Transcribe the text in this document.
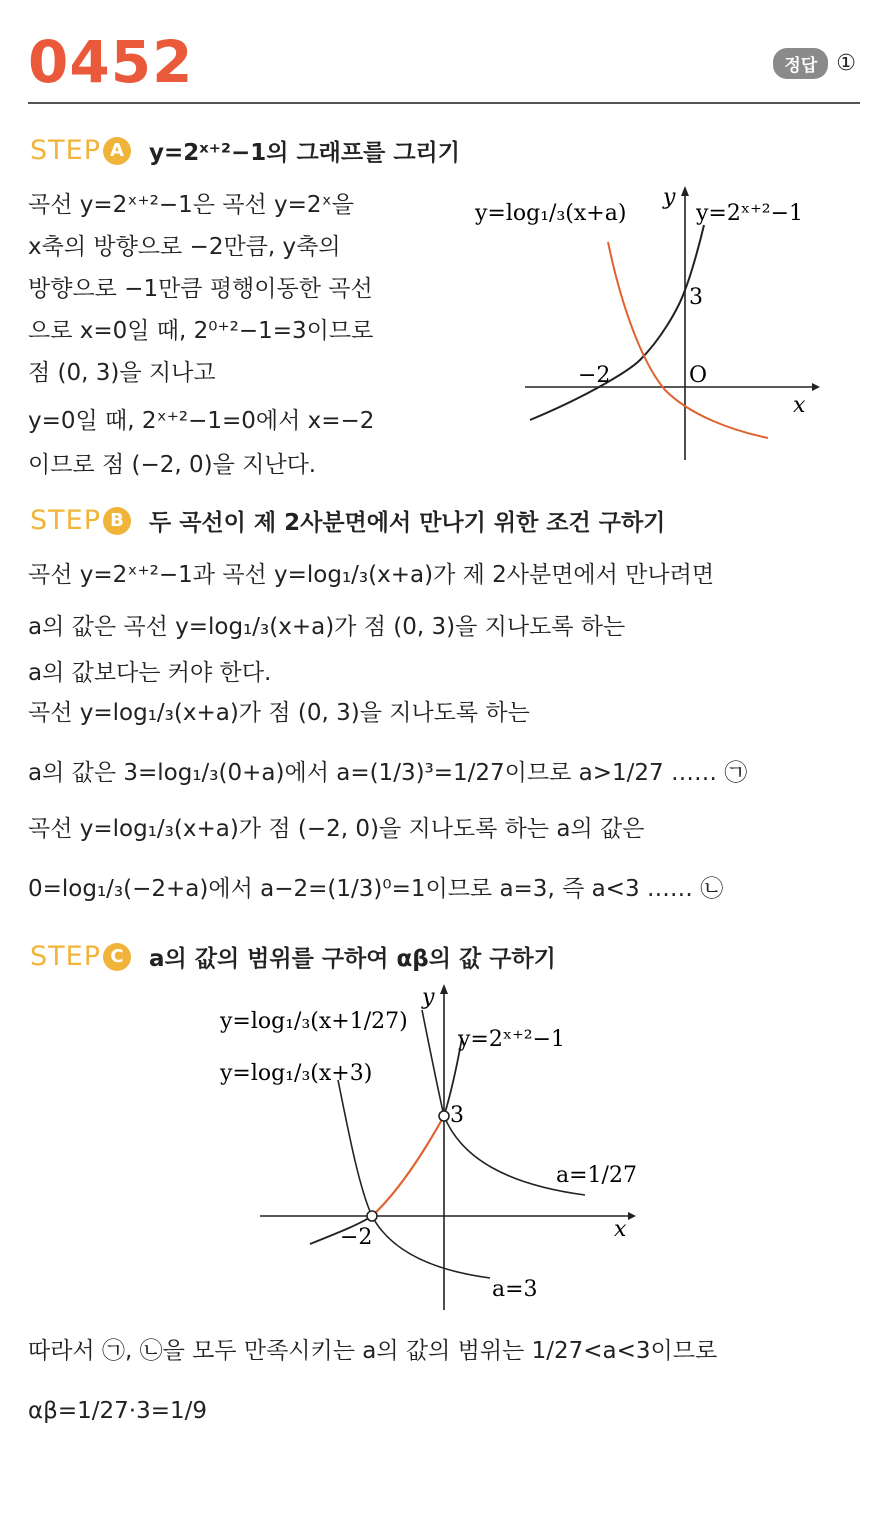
0452	정답 ①
STEP A	y=2ˣ⁺²−1의 그래프를 그리기
곡선 y=2ˣ⁺²−1은 곡선 y=2ˣ을
x축의 방향으로 −2만큼, y축의
방향으로 −1만큼 평행이동한 곡선
으로 x=0일 때, 2⁰⁺²−1=3이므로
점 (0, 3)을 지나고
y=0일 때, 2ˣ⁺²−1=0에서 x=−2
이므로 점 (−2, 0)을 지난다.
y=log₁/₃(x+a)	y=2ˣ⁺²−1
y
x
O
3
−2
STEP B	두 곡선이 제 2사분면에서 만나기 위한 조건 구하기
곡선 y=2ˣ⁺²−1과 곡선 y=log₁/₃(x+a)가 제 2사분면에서 만나려면
a의 값은 곡선 y=log₁/₃(x+a)가 점 (0, 3)을 지나도록 하는
a의 값보다는 커야 한다.
곡선 y=log₁/₃(x+a)가 점 (0, 3)을 지나도록 하는
a의 값은 3=log₁/₃(0+a)에서 a=(1/3)³=1/27이므로 a>1/27 …… ㉠
곡선 y=log₁/₃(x+a)가 점 (−2, 0)을 지나도록 하는 a의 값은
0=log₁/₃(−2+a)에서 a−2=(1/3)⁰=1이므로 a=3, 즉 a<3 …… ㉡
STEP C	a의 값의 범위를 구하여 αβ의 값 구하기
y=log₁/₃(x+1/27)
y=log₁/₃(x+3)
y=2ˣ⁺²−1
a=1/27
a=3
y
x
3
−2
따라서 ㉠, ㉡을 모두 만족시키는 a의 값의 범위는 1/27<a<3이므로
αβ=1/27·3=1/9
